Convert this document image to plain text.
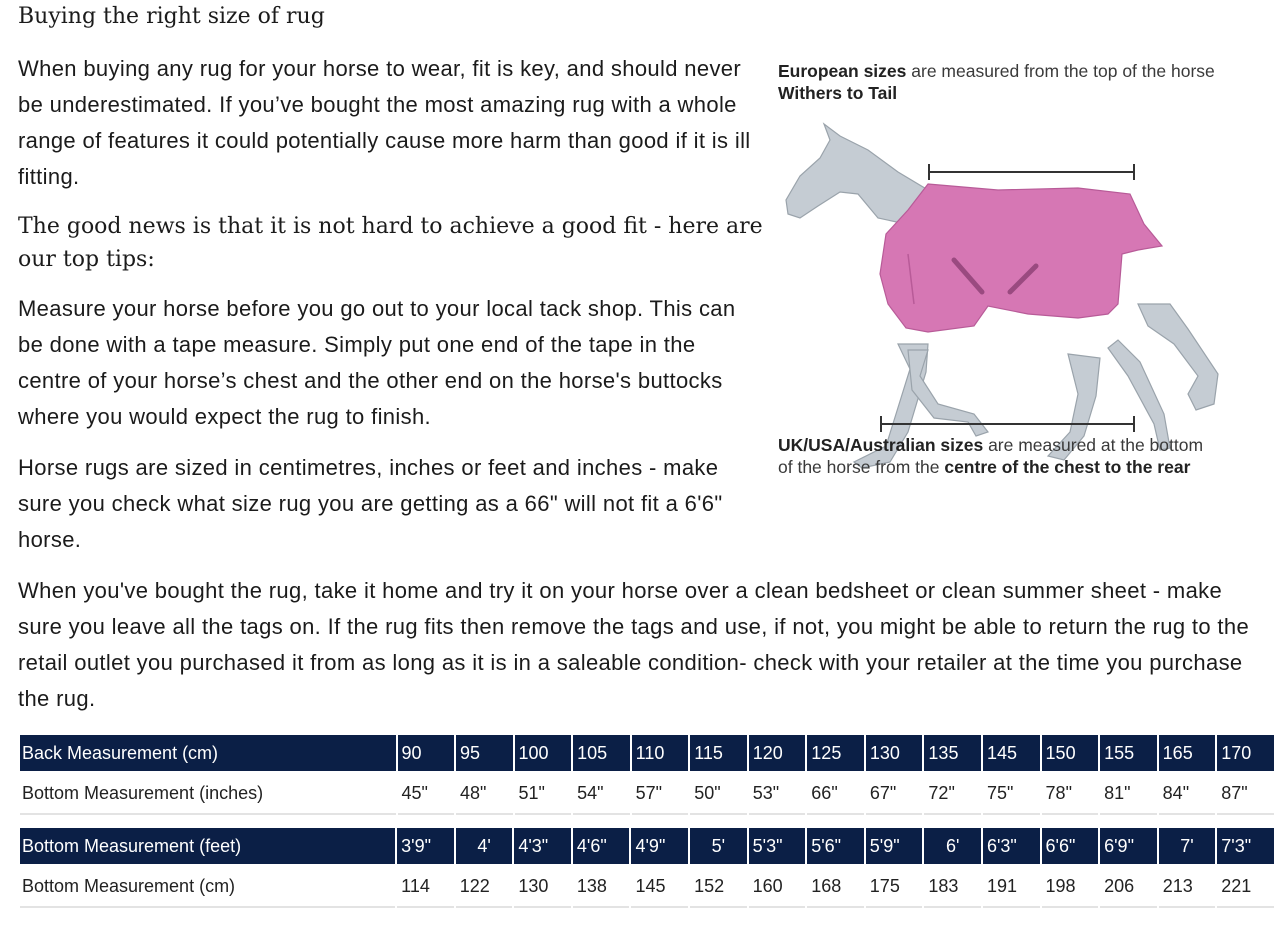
Buying the right size of rug

When buying any rug for your horse to wear, fit is key, and should never be underestimated. If you’ve bought the most amazing rug with a whole range of features it could potentially cause more harm than good if it is ill fitting.

The good news is that it is not hard to achieve a good fit - here are our top tips:

Measure your horse before you go out to your local tack shop. This can be done with a tape measure. Simply put one end of the tape in the centre of your horse’s chest and the other end on the horse's buttocks where you would expect the rug to finish.

Horse rugs are sized in centimetres, inches or feet and inches - make sure you check what size rug you are getting as a 66" will not fit a 6'6" horse.

When you've bought the rug, take it home and try it on your horse over a clean bedsheet or clean summer sheet - make sure you leave all the tags on. If the rug fits then remove the tags and use, if not, you might be able to return the rug to the retail outlet you purchased it from as long as it is in a saleable condition- check with your retailer at the time you purchase the rug.

European sizes are measured from the top of the horse
Withers to Tail
UK/USA/Australian sizes are measured at the bottom
of the horse from the centre of the chest to the rear
Back Measurement (cm)	90	95	100	105	110	115	120	125	130	135	145	150	155	165	170
Bottom Measurement (inches)	45"	48"	51"	54"	57"	50"	53"	66"	67"	72"	75"	78"	81"	84"	87"
Bottom Measurement (feet)	3'9"	4'	4'3"	4'6"	4'9"	5'	5'3"	5'6"	5'9"	6'	6'3"	6'6"	6'9"	7'	7'3"
Bottom Measurement (cm)	114	122	130	138	145	152	160	168	175	183	191	198	206	213	221
